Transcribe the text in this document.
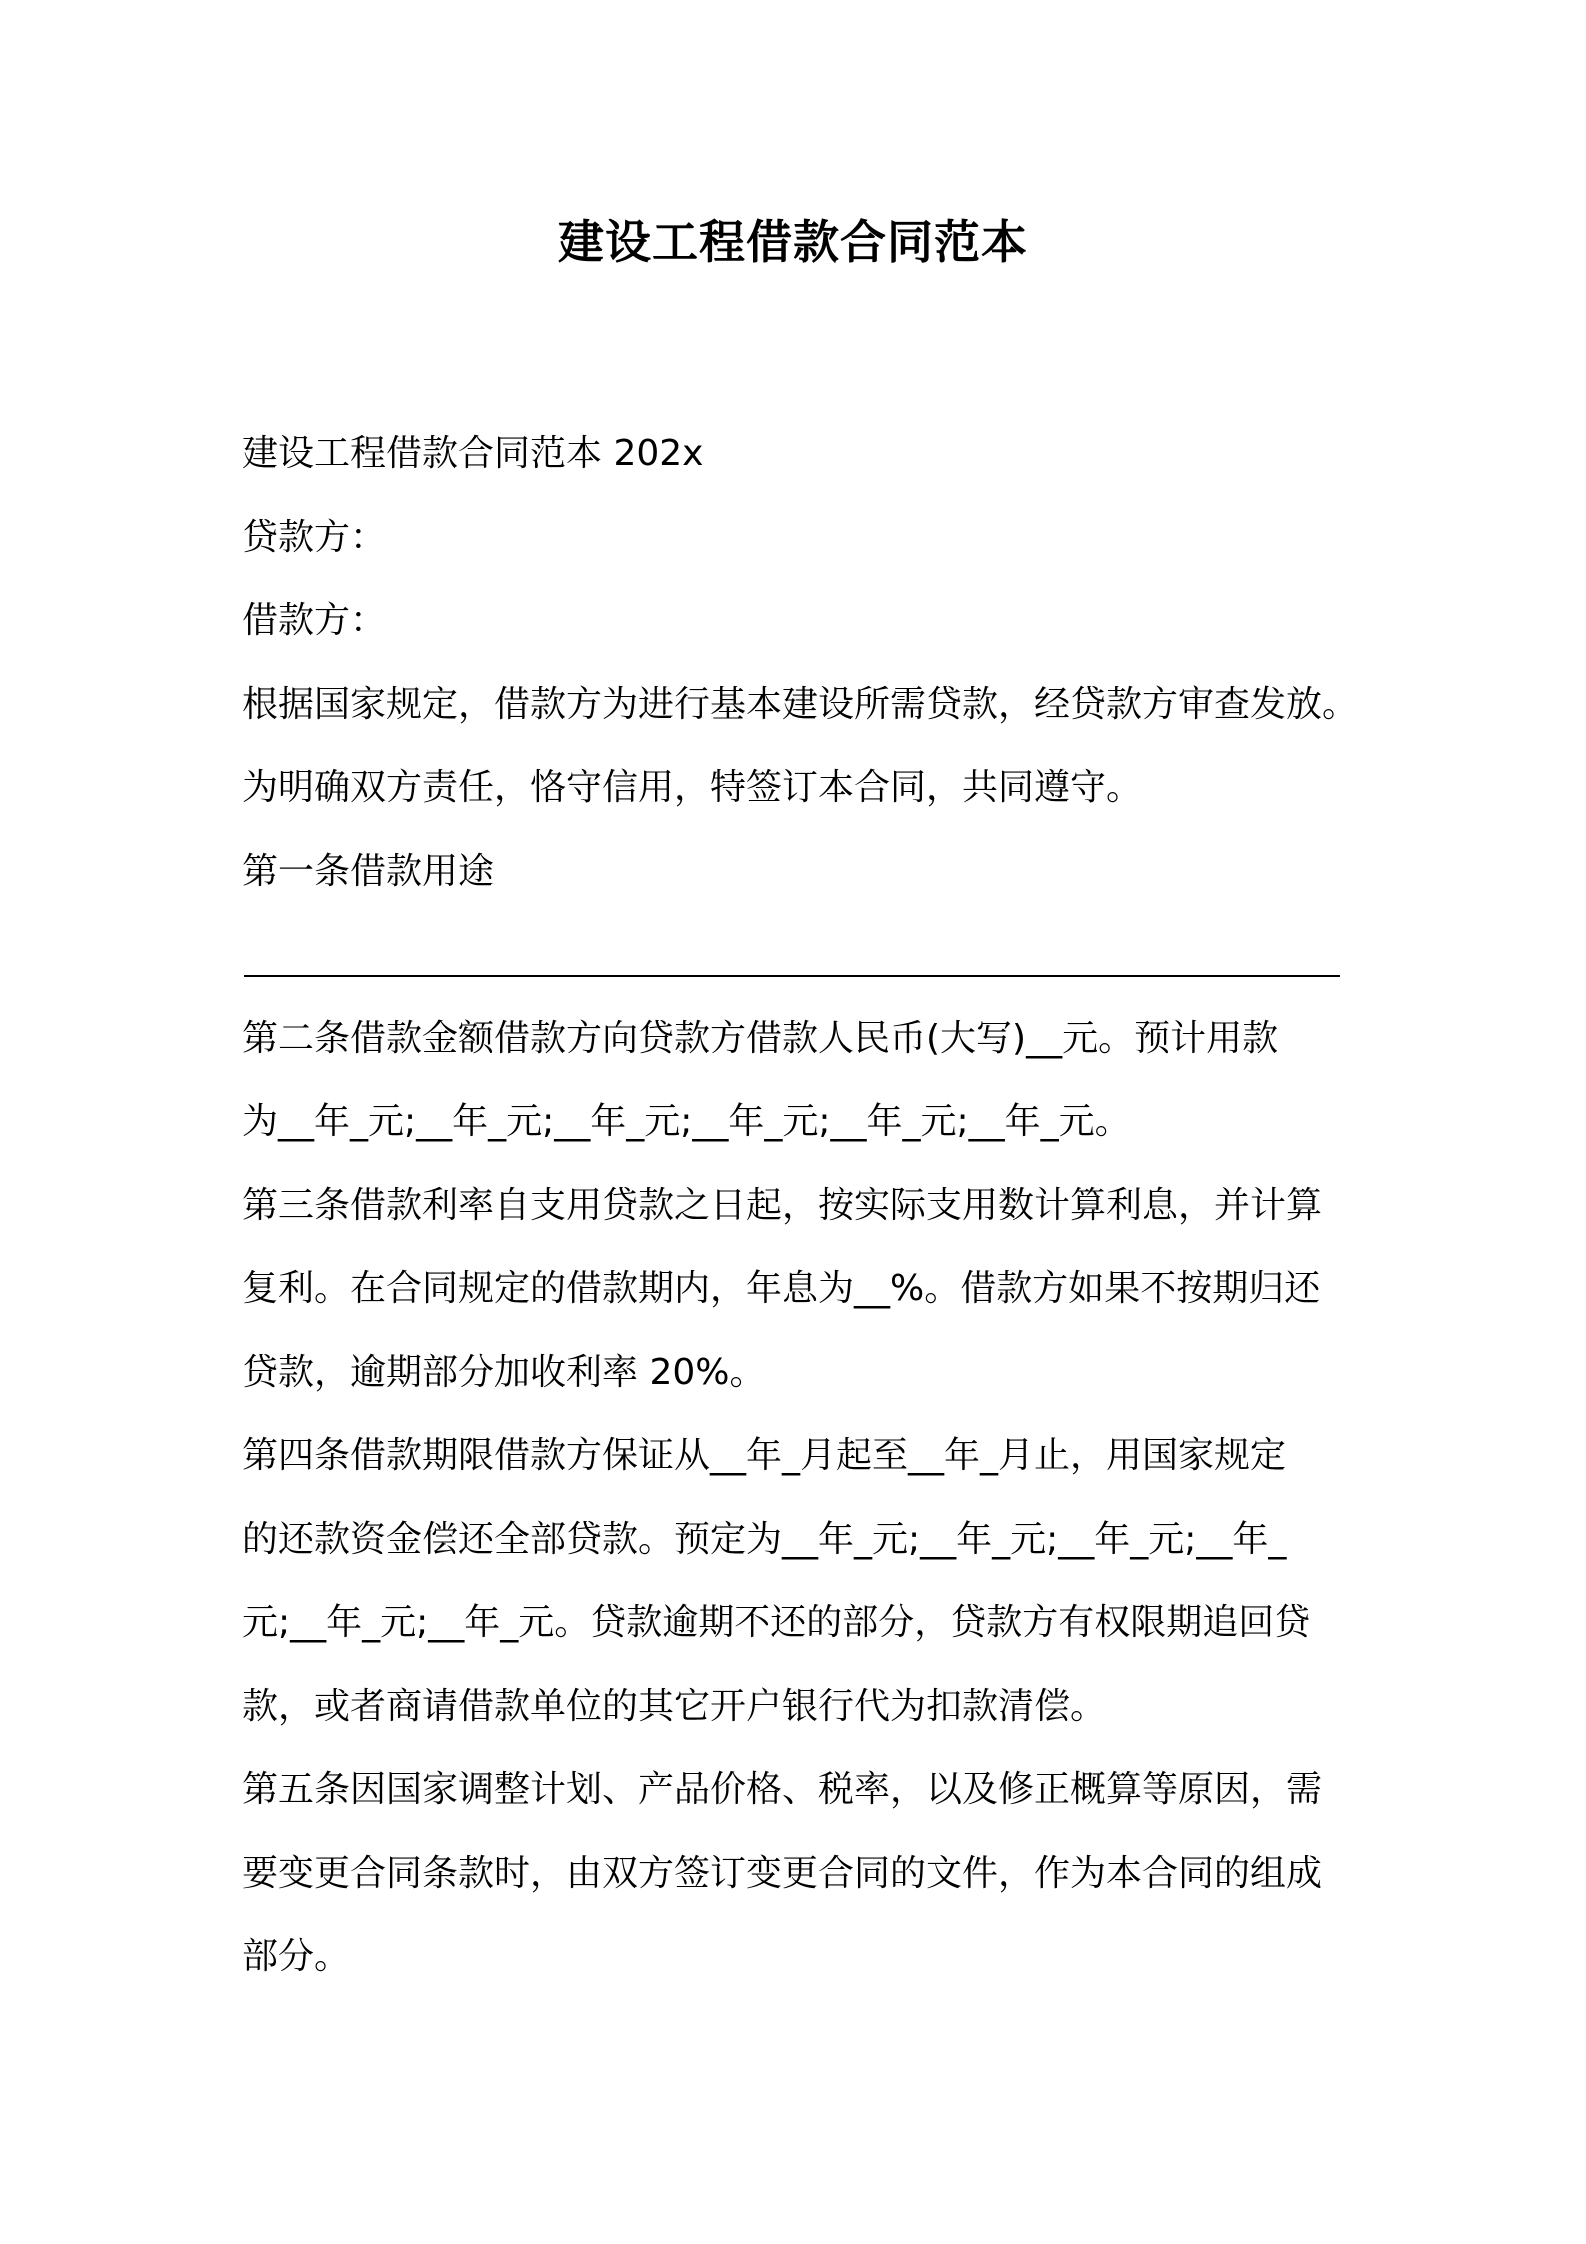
建设工程借款合同范本
建设工程借款合同范本 202x
贷款方：
借款方：
根据国家规定，借款方为进行基本建设所需贷款，经贷款方审查发放。
为明确双方责任，恪守信用，特签订本合同，共同遵守。
第一条借款用途
第二条借款金额借款方向贷款方借款人民币(大写)__元。预计用款
为__年_元;__年_元;__年_元;__年_元;__年_元;__年_元。
第三条借款利率自支用贷款之日起，按实际支用数计算利息，并计算
复利。在合同规定的借款期内，年息为__%。借款方如果不按期归还
贷款，逾期部分加收利率 20%。
第四条借款期限借款方保证从__年_月起至__年_月止，用国家规定
的还款资金偿还全部贷款。预定为__年_元;__年_元;__年_元;__年_
元;__年_元;__年_元。贷款逾期不还的部分，贷款方有权限期追回贷
款，或者商请借款单位的其它开户银行代为扣款清偿。
第五条因国家调整计划、产品价格、税率，以及修正概算等原因，需
要变更合同条款时，由双方签订变更合同的文件，作为本合同的组成
部分。
